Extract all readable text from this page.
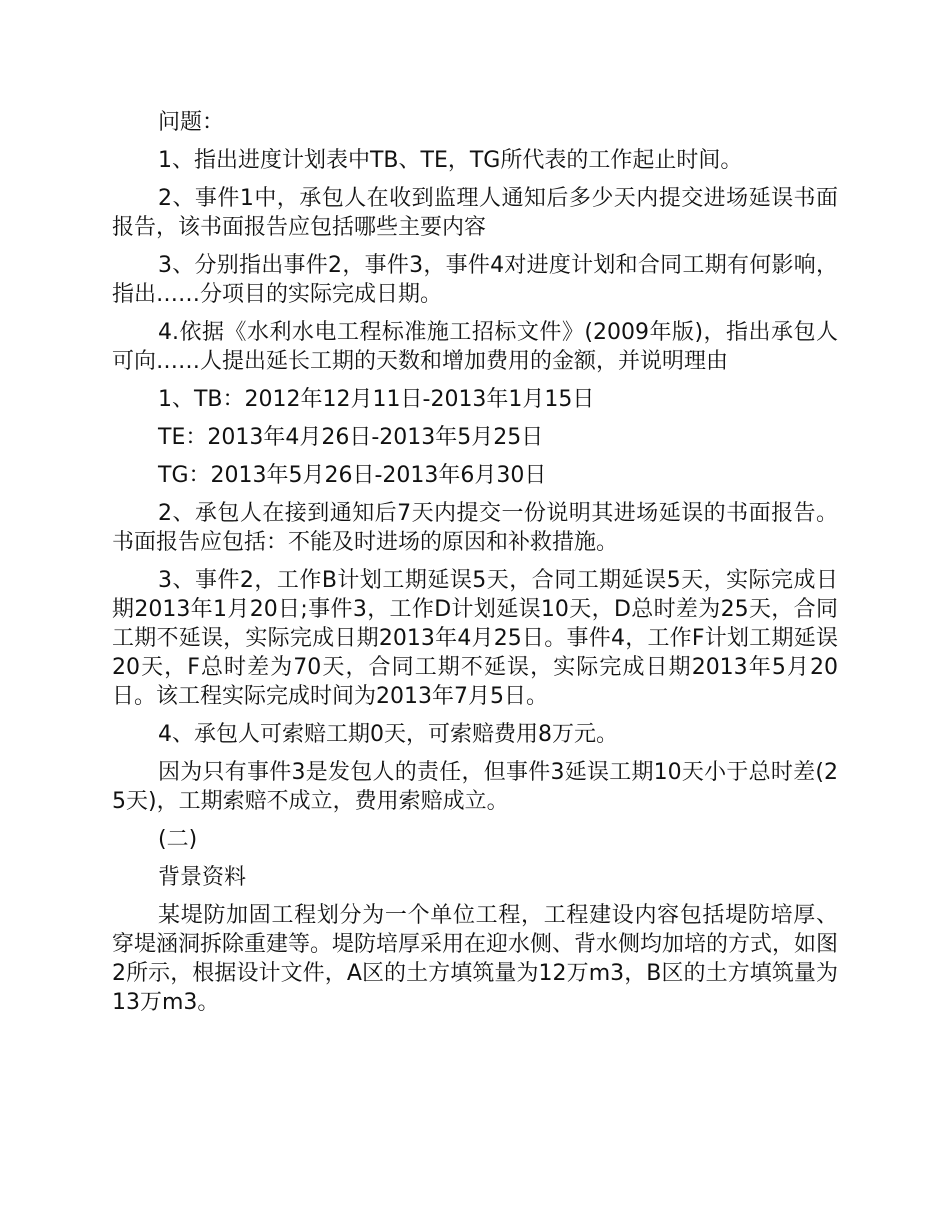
问题：

1、指出进度计划表中TB、TE，TG所代表的工作起止时间。

2、事件1中，承包人在收到监理人通知后多少天内提交进场延误书面报告，该书面报告应包括哪些主要内容

3、分别指出事件2，事件3，事件4对进度计划和合同工期有何影响，指出……分项目的实际完成日期。

4.依据《水利水电工程标准施工招标文件》(2009年版)，指出承包人可向……人提出延长工期的天数和增加费用的金额，并说明理由

1、TB：2012年12月11日-2013年1月15日

TE：2013年4月26日-2013年5月25日

TG：2013年5月26日-2013年6月30日

2、承包人在接到通知后7天内提交一份说明其进场延误的书面报告。书面报告应包括：不能及时进场的原因和补救措施。

3、事件2，工作B计划工期延误5天，合同工期延误5天，实际完成日期2013年1月20日;事件3，工作D计划延误10天，D总时差为25天，合同工期不延误，实际完成日期2013年4月25日。事件4，工作F计划工期延误20天，F总时差为70天，合同工期不延误，实际完成日期2013年5月20日。该工程实际完成时间为2013年7月5日。

4、承包人可索赔工期0天，可索赔费用8万元。

因为只有事件3是发包人的责任，但事件3延误工期10天小于总时差(25天)，工期索赔不成立，费用索赔成立。

(二)

背景资料

某堤防加固工程划分为一个单位工程，工程建设内容包括堤防培厚、穿堤涵洞拆除重建等。堤防培厚采用在迎水侧、背水侧均加培的方式，如图2所示，根据设计文件，A区的土方填筑量为12万m3，B区的土方填筑量为13万m3。
